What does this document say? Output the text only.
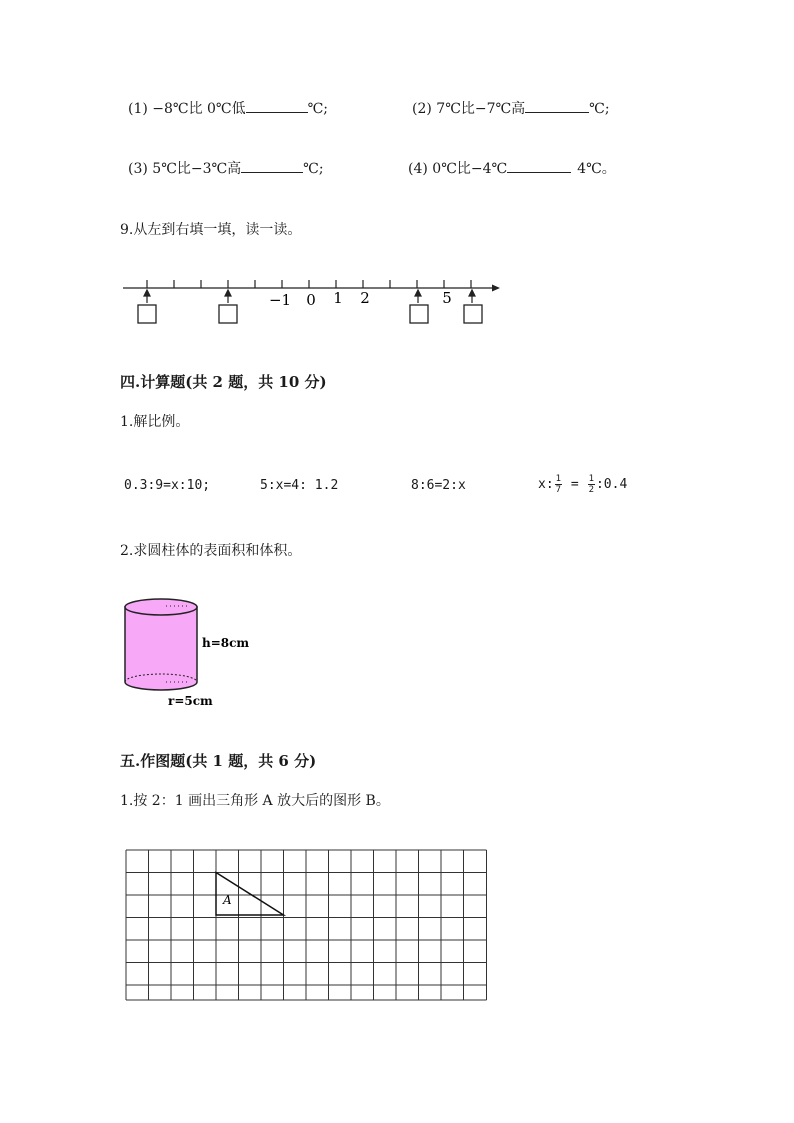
(1) −8℃比 0℃低	℃;	(2) 7℃比−7℃高	℃;
(3) 5℃比−3℃高	℃;	(4) 0℃比−4℃	4℃。
9.从左到右填一填，读一读。
−1 0 1 2	5
四.计算题(共 2 题，共 10 分)
1.解比例。
0.3:9=x:10;	5:x=4: 1.2	8:6=2:x	x: $\frac{1}{7} = \frac{1}{2}$ :0.4
2.求圆柱体的表面积和体积。
h=8cm
r=5cm
五.作图题(共 1 题，共 6 分)
1.按 2：1 画出三角形 A 放大后的图形 B。
A
